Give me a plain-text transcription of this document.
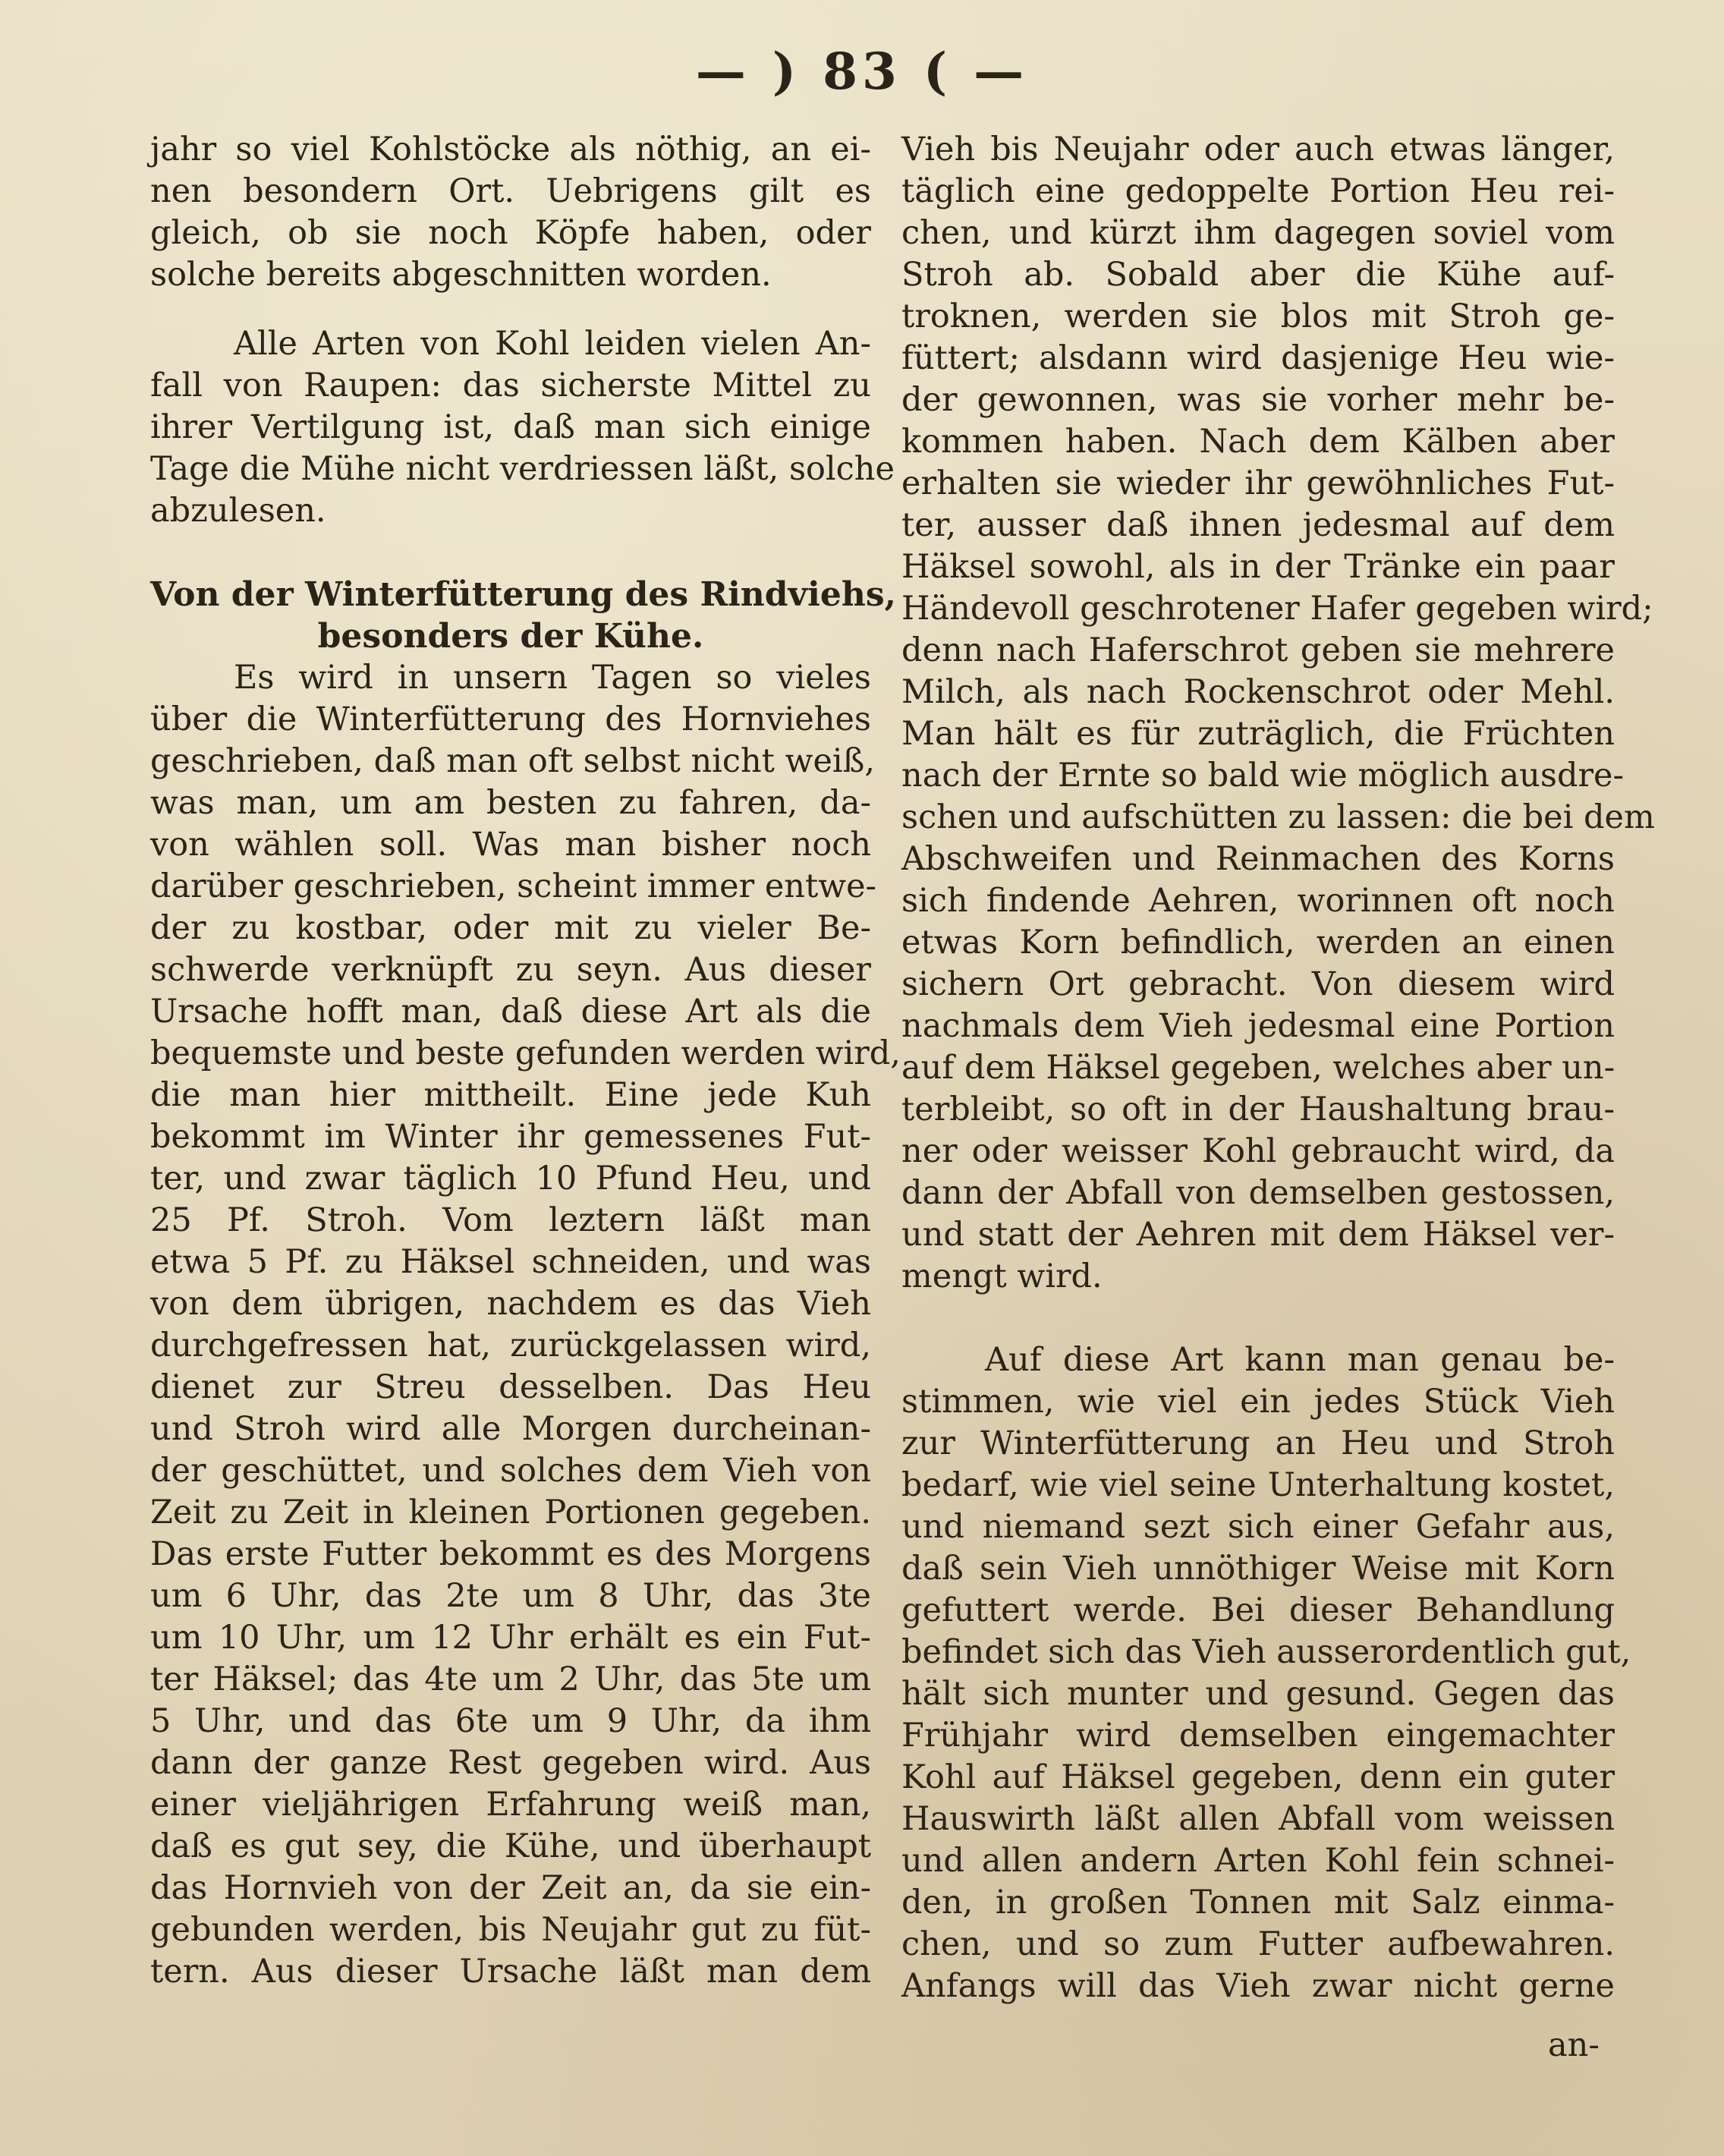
— ) 83 ( —
jahr so viel Kohlstöcke als nöthig, an ei-
nen besondern Ort. Uebrigens gilt es
gleich, ob sie noch Köpfe haben, oder
solche bereits abgeschnitten worden.
Alle Arten von Kohl leiden vielen An-
fall von Raupen: das sicherste Mittel zu
ihrer Vertilgung ist, daß man sich einige
Tage die Mühe nicht verdriessen läßt, solche
abzulesen.
Von der Winterfütterung des Rindviehs,
besonders der Kühe.
Es wird in unsern Tagen so vieles
über die Winterfütterung des Hornviehes
geschrieben, daß man oft selbst nicht weiß,
was man, um am besten zu fahren, da-
von wählen soll. Was man bisher noch
darüber geschrieben, scheint immer entwe-
der zu kostbar, oder mit zu vieler Be-
schwerde verknüpft zu seyn. Aus dieser
Ursache hofft man, daß diese Art als die
bequemste und beste gefunden werden wird,
die man hier mittheilt. Eine jede Kuh
bekommt im Winter ihr gemessenes Fut-
ter, und zwar täglich 10 Pfund Heu, und
25 Pf. Stroh. Vom leztern läßt man
etwa 5 Pf. zu Häksel schneiden, und was
von dem übrigen, nachdem es das Vieh
durchgefressen hat, zurückgelassen wird,
dienet zur Streu desselben. Das Heu
und Stroh wird alle Morgen durcheinan-
der geschüttet, und solches dem Vieh von
Zeit zu Zeit in kleinen Portionen gegeben.
Das erste Futter bekommt es des Morgens
um 6 Uhr, das 2te um 8 Uhr, das 3te
um 10 Uhr, um 12 Uhr erhält es ein Fut-
ter Häksel; das 4te um 2 Uhr, das 5te um
5 Uhr, und das 6te um 9 Uhr, da ihm
dann der ganze Rest gegeben wird. Aus
einer vieljährigen Erfahrung weiß man,
daß es gut sey, die Kühe, und überhaupt
das Hornvieh von der Zeit an, da sie ein-
gebunden werden, bis Neujahr gut zu füt-
tern. Aus dieser Ursache läßt man dem
Vieh bis Neujahr oder auch etwas länger,
täglich eine gedoppelte Portion Heu rei-
chen, und kürzt ihm dagegen soviel vom
Stroh ab. Sobald aber die Kühe auf-
troknen, werden sie blos mit Stroh ge-
füttert; alsdann wird dasjenige Heu wie-
der gewonnen, was sie vorher mehr be-
kommen haben. Nach dem Kälben aber
erhalten sie wieder ihr gewöhnliches Fut-
ter, ausser daß ihnen jedesmal auf dem
Häksel sowohl, als in der Tränke ein paar
Händevoll geschrotener Hafer gegeben wird;
denn nach Haferschrot geben sie mehrere
Milch, als nach Rockenschrot oder Mehl.
Man hält es für zuträglich, die Früchten
nach der Ernte so bald wie möglich ausdre-
schen und aufschütten zu lassen: die bei dem
Abschweifen und Reinmachen des Korns
sich findende Aehren, worinnen oft noch
etwas Korn befindlich, werden an einen
sichern Ort gebracht. Von diesem wird
nachmals dem Vieh jedesmal eine Portion
auf dem Häksel gegeben, welches aber un-
terbleibt, so oft in der Haushaltung brau-
ner oder weisser Kohl gebraucht wird, da
dann der Abfall von demselben gestossen,
und statt der Aehren mit dem Häksel ver-
mengt wird.
Auf diese Art kann man genau be-
stimmen, wie viel ein jedes Stück Vieh
zur Winterfütterung an Heu und Stroh
bedarf, wie viel seine Unterhaltung kostet,
und niemand sezt sich einer Gefahr aus,
daß sein Vieh unnöthiger Weise mit Korn
gefuttert werde. Bei dieser Behandlung
befindet sich das Vieh ausserordentlich gut,
hält sich munter und gesund. Gegen das
Frühjahr wird demselben eingemachter
Kohl auf Häksel gegeben, denn ein guter
Hauswirth läßt allen Abfall vom weissen
und allen andern Arten Kohl fein schnei-
den, in großen Tonnen mit Salz einma-
chen, und so zum Futter aufbewahren.
Anfangs will das Vieh zwar nicht gerne
an-
